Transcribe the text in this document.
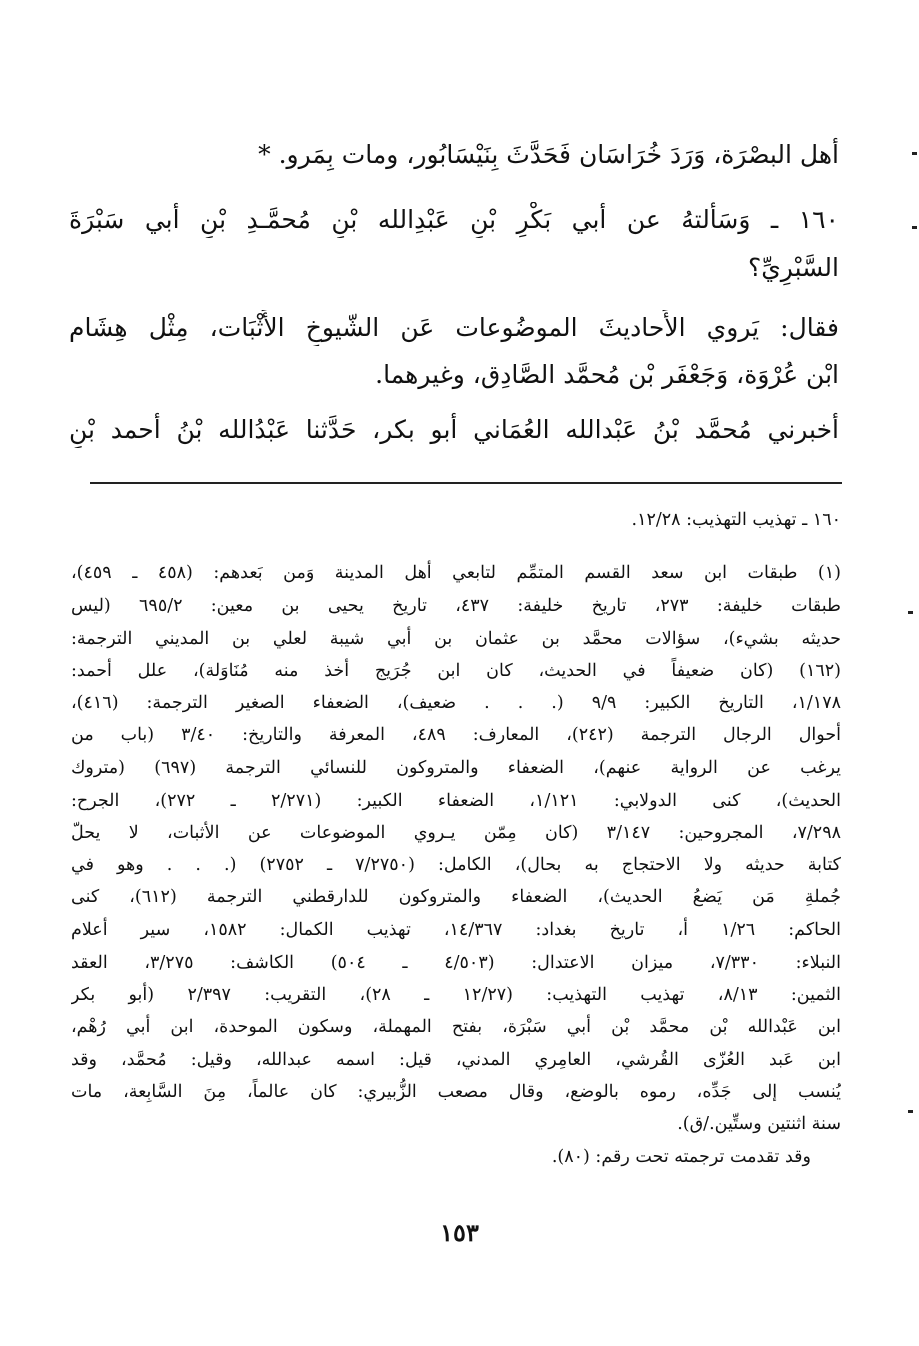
أهل البصْرَة، وَرَدَ خُرَاسَان فَحَدَّثَ بِنَيْسَابُور، ومات بِمَرو. *
١٦٠ ـ وَسَألتهُ عن أبي بَكْرِ بْنِ عَبْدِالله بْنِ مُحمَّـدِ بْنِ أبي سَبْرَةَ
السَّبْرِيِّ؟
فقال: يَروي الأَحاديثَ الموضُوعات عَن الشّيوخِ الأَثْبَات، مِثْل هِشَام
ابْن عُرْوَة، وَجَعْفَر بْن مُحمَّد الصَّادِق، وغيرهما.
أخبرني مُحمَّد بْنُ عَبْدالله العُمَاني أبو بكر، حَدَّثنا عَبْدُالله بْنُ أحمد بْنِ
١٦٠ ـ تهذيب التهذيب: ١٢/٢٨.
(١) طبقات ابن سعد القسم المتمِّم لتابعي أهل المدينة وَمن بَعدهم: (٤٥٨ ـ ٤٥٩)،
طبقات خليفة: ٢٧٣، تاريخ خليفة: ٤٣٧، تاريخ يحيى بن معين: ٦٩٥/٢ (ليس
حديثه بشيء)، سؤالات محمَّد بن عثمان بن أبي شيبة لعلي بن المديني الترجمة:
(١٦٢) (كان ضعيفاً في الحديث، كان ابن جُرَيج أخذ منه مُنَاوَلة)، علل أحمد:
١/١٧٨، التاريخ الكبير: ٩/٩ (. . . ضعيف)، الضعفاء الصغير الترجمة: (٤١٦)،
أحوال الرجال الترجمة (٢٤٢)، المعارف: ٤٨٩، المعرفة والتاريخ: ٣/٤٠ (باب من
يرغب عن الرواية عنهم)، الضعفاء والمتروكون للنسائي الترجمة (٦٩٧) (متروك
الحديث)، كنى الدولابي: ١/١٢١، الضعفاء الكبير: (٢/٢٧١ ـ ٢٧٢)، الجرح:
٧/٢٩٨، المجروحين: ٣/١٤٧ (كان مِمّن يـروي الموضوعات عن الأثبات، لا يحلّ
كتابة حديثه ولا الاحتجاج به بحال)، الكامل: (٧/٢٧٥٠ ـ ٢٧٥٢) (. . . وهو في
جُملةِ مَن يَضعُ الحديث)، الضعفاء والمتروكون للدارقطني الترجمة (٦١٢)، كنى
الحاكم: ١/٢٦ أ، تاريخ بغداد: ١٤/٣٦٧، تهذيب الكمال: ١٥٨٢، سير أعلام
النبلاء: ٧/٣٣٠، ميزان الاعتدال: (٤/٥٠٣ ـ ٥٠٤) الكاشف: ٣/٢٧٥، العقد
الثمين: ٨/١٣، تهذيب التهذيب: (١٢/٢٧ ـ ٢٨)، التقريب: ٢/٣٩٧ (أبو بكر
ابن عَبْدالله بْن محمَّد بْن أبي سَبْرَة، بفتح المهملة، وسكون الموحدة، ابن أبي رُهْم،
ابن عَبد العُزّى القُرشي، العامِري المدني، قيل: اسمه عبدالله، وقيل: مُحمَّد، وقد
يُنسب إلى جَدِّه، رموه بالوضع، وقال مصعب الزُّبيري: كان عالماً، مِنَ السَّابِعة، مات
سنة اثنتين وستِّين./ق).
وقد تقدمت ترجمته تحت رقم: (٨٠).
١٥٣
